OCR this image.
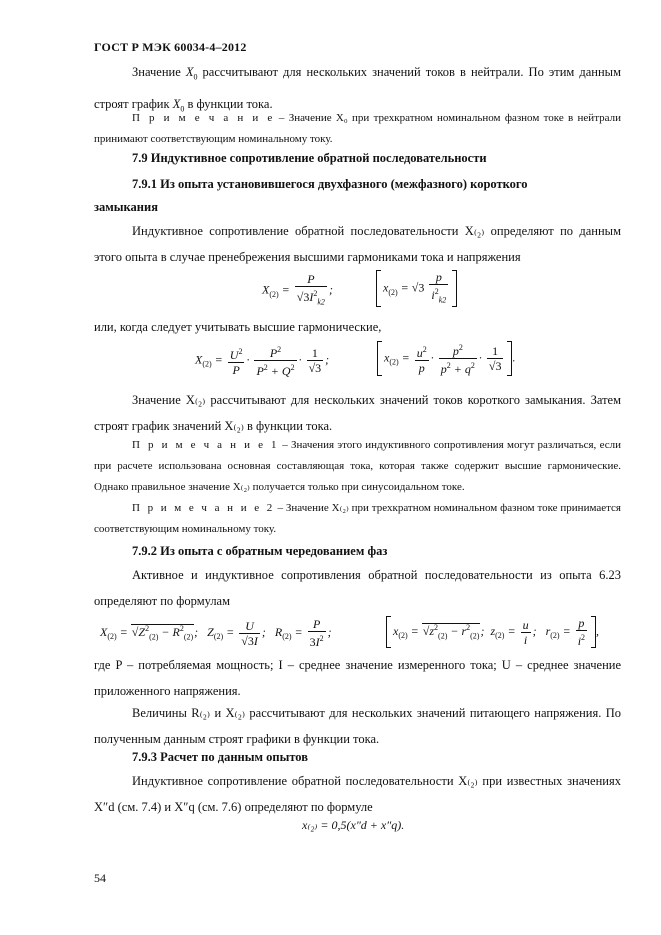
ГОСТ Р МЭК 60034-4–2012
Значение $X_0$ рассчитывают для нескольких значений токов в нейтрали. По этим данным строят график $X_0$ в функции тока.
П р и м е ч а н и е – Значение X₀ при трехкратном номинальном фазном токе в нейтрали принимают соответствующим номинальному току.
7.9 Индуктивное сопротивление обратной последовательности
7.9.1 Из опыта установившегося двухфазного (межфазного) короткого
замыкания
Индуктивное сопротивление обратной последовательности X₍₂₎ определяют по данным этого опыта в случае пренебрежения высшими гармониками тока и напряжения
$X_{(2)} = \frac{P}{√3I^2_{k2}}$ ;	$x_{(2)} = √3 \frac{p}{i^2_{k2}}$
или, когда следует учитывать высшие гармонические,
$X_{(2)} = \frac{U^2}{P} \cdot \frac{P^2}{P^2 + Q^2} \cdot \frac{1}{√3}$ ;	$x_{(2)} = \frac{u^2}{p} \cdot \frac{p^2}{p^2 + q^2} \cdot \frac{1}{√3}$ .
Значение X₍₂₎ рассчитывают для нескольких значений токов короткого замыкания. Затем строят график значений X₍₂₎ в функции тока.
П р и м е ч а н и е 1 – Значения этого индуктивного сопротивления могут различаться, если при расчете использована основная составляющая тока, которая также содержит высшие гармонические. Однако правильное значение X₍₂₎ получается только при синусоидальном токе.
П р и м е ч а н и е 2 – Значение X₍₂₎ при трехкратном номинальном фазном токе принимается соответствующим номинальному току.
7.9.2 Из опыта с обратным чередованием фаз
Активное и индуктивное сопротивления обратной последовательности из опыта 6.23 определяют по формулам
$X_{(2)} = √Z^2_{(2)} - R^2_{(2)}$;   $Z_{(2)} = \frac{U}{√3I}$ ;   $R_{(2)} = \frac{P}{3I^2}$ ;	$x_{(2)} = √z^2_{(2)} - r^2_{(2)}$;  $z_{(2)} = \frac{u}{i}$ ;   $r_{(2)} = \frac{p}{i^2}$ ,
где P – потребляемая мощность; I – среднее значение измеренного тока; U – среднее значение приложенного напряжения.
Величины R₍₂₎ и X₍₂₎ рассчитывают для нескольких значений питающего напряжения. По полученным данным строят графики в функции тока.
7.9.3 Расчет по данным опытов
Индуктивное сопротивление обратной последовательности X₍₂₎ при известных значениях X″d (см. 7.4) и X″q (см. 7.6) определяют по формуле
x₍₂₎ = 0,5(x″d + x″q).
54
